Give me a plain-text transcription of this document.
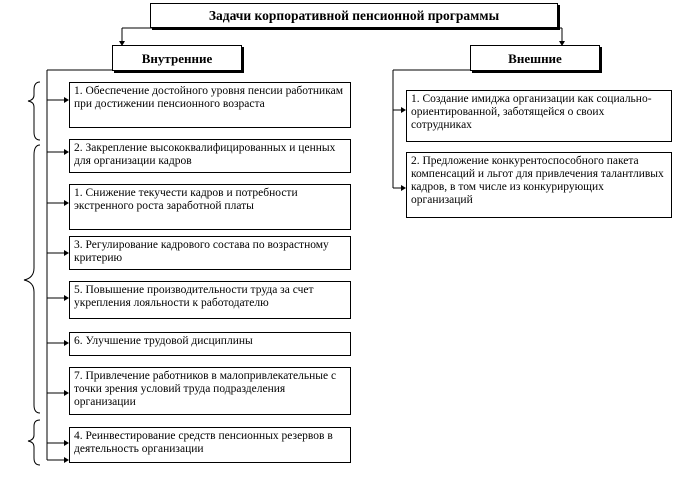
Задачи корпоративной пенсионной программы
Внутренние	Внешние
1. Обеспечение достойного уровня пенсии работникам при достижении пенсионного возраста
2. Закрепление высококвалифицированных и ценных для организации кадров
1. Снижение текучести кадров и потребности экстренного роста заработной платы
3. Регулирование кадрового состава по возрастному критерию
5. Повышение производительности труда за счет укрепления лояльности к работодателю
6. Улучшение трудовой дисциплины
7. Привлечение работников в малопривлекательные с точки зрения условий труда подразделения организации
4. Реинвестирование средств пенсионных резервов в деятельность организации
1. Создание имиджа организации как социально-ориентированной, заботящейся о своих сотрудниках
2. Предложение конкурентоспособного пакета компенсаций и льгот для привлечения талантливых кадров, в том числе из конкурирующих организаций
